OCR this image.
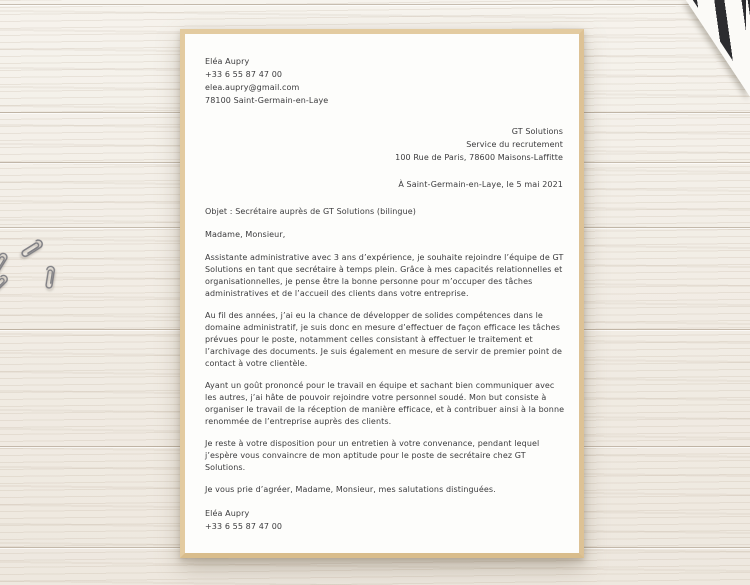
Eléa Aupry
+33 6 55 87 47 00
elea.aupry@gmail.com
78100 Saint-Germain-en-Laye
GT Solutions
Service du recrutement
100 Rue de Paris, 78600 Maisons-Laffitte
À Saint-Germain-en-Laye, le 5 mai 2021
Objet : Secrétaire auprès de GT Solutions (bilingue)
Madame, Monsieur,

Assistante administrative avec 3 ans d’expérience, je souhaite rejoindre l’équipe de GT Solutions en tant que secrétaire à temps plein. Grâce à mes capacités relationnelles et organisationnelles, je pense être la bonne personne pour m’occuper des tâches administratives et de l’accueil des clients dans votre entreprise.

Au fil des années, j’ai eu la chance de développer de solides compétences dans le domaine administratif, je suis donc en mesure d’effectuer de façon efficace les tâches prévues pour le poste, notamment celles consistant à effectuer le traitement et l’archivage des documents. Je suis également en mesure de servir de premier point de contact à votre clientèle.

Ayant un goût prononcé pour le travail en équipe et sachant bien communiquer avec les autres, j’ai hâte de pouvoir rejoindre votre personnel soudé. Mon but consiste à organiser le travail de la réception de manière efficace, et à contribuer ainsi à la bonne renommée de l’entreprise auprès des clients.

Je reste à votre disposition pour un entretien à votre convenance, pendant lequel j’espère vous convaincre de mon aptitude pour le poste de secrétaire chez GT Solutions.

Je vous prie d’agréer, Madame, Monsieur, mes salutations distinguées.

Eléa Aupry
+33 6 55 87 47 00
